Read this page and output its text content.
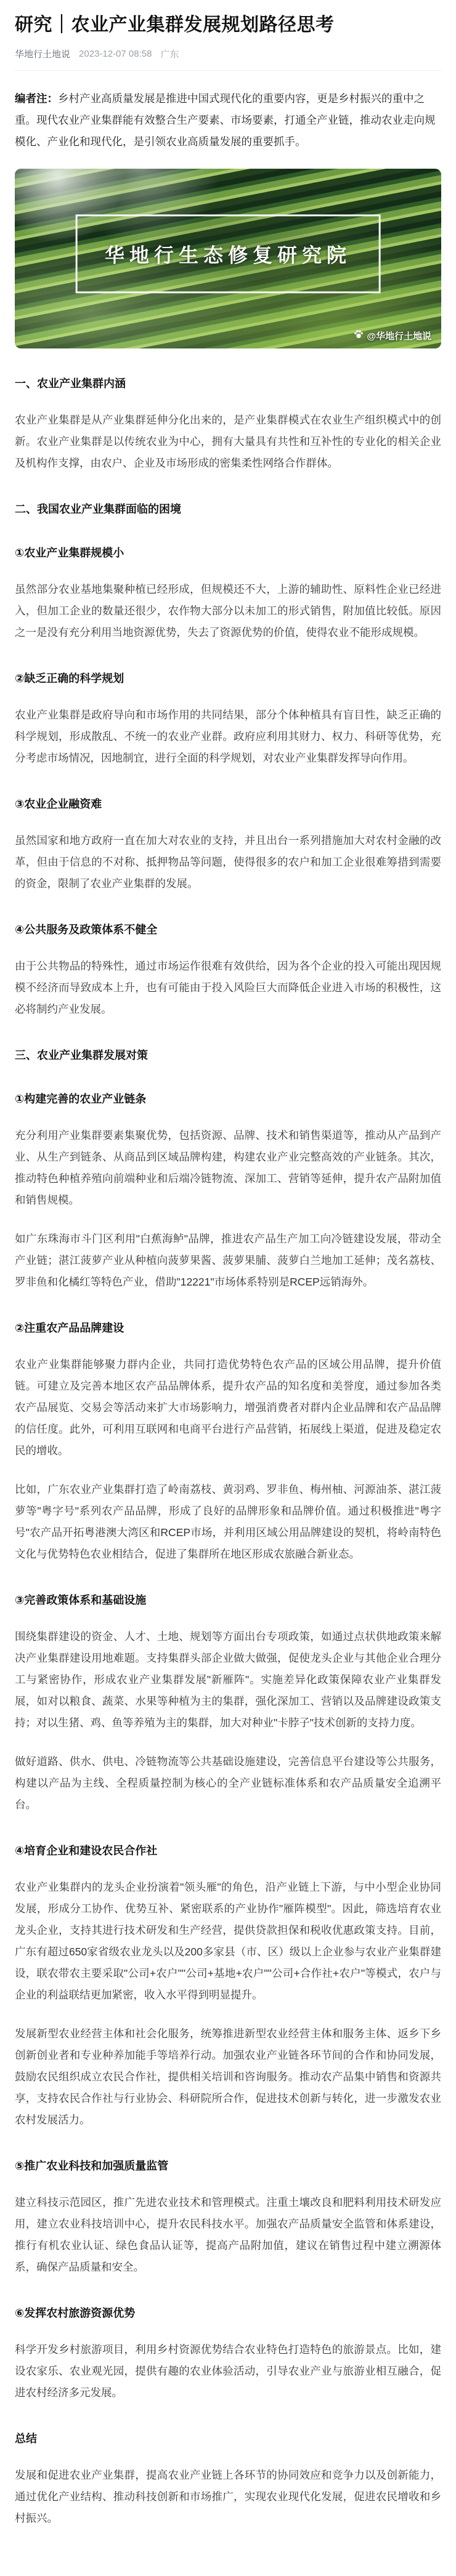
研究｜农业产业集群发展规划路径思考
华地行土地说 2023-12-07 08:58 广东

编者注：乡村产业高质量发展是推进中国式现代化的重要内容，更是乡村振兴的重中之重。现代农业产业集群能有效整合生产要素、市场要素，打通全产业链，推动农业走向规模化、产业化和现代化，是引领农业高质量发展的重要抓手。

华地行生态修复研究院
@华地行土地说
一、农业产业集群内涵

农业产业集群是从产业集群延伸分化出来的，是产业集群模式在农业生产组织模式中的创新。农业产业集群是以传统农业为中心，拥有大量具有共性和互补性的专业化的相关企业及机构作支撑，由农户、企业及市场形成的密集柔性网络合作群体。

二、我国农业产业集群面临的困境
①农业产业集群规模小

虽然部分农业基地集聚种植已经形成，但规模还不大，上游的辅助性、原料性企业已经进入，但加工企业的数量还很少，农作物大部分以未加工的形式销售，附加值比较低。原因之一是没有充分利用当地资源优势，失去了资源优势的价值，使得农业不能形成规模。

②缺乏正确的科学规划

农业产业集群是政府导向和市场作用的共同结果，部分个体种植具有盲目性，缺乏正确的科学规划，形成散乱、不统一的农业产业群。政府应利用其财力、权力、科研等优势，充分考虑市场情况，因地制宜，进行全面的科学规划，对农业产业集群发挥导向作用。

③农业企业融资难

虽然国家和地方政府一直在加大对农业的支持，并且出台一系列措施加大对农村金融的改革，但由于信息的不对称、抵押物品等问题，使得很多的农户和加工企业很难筹措到需要的资金，限制了农业产业集群的发展。

④公共服务及政策体系不健全

由于公共物品的特殊性，通过市场运作很难有效供给，因为各个企业的投入可能出现因规模不经济而导致成本上升，也有可能由于投入风险巨大而降低企业进入市场的积极性，这必将制约产业发展。

三、农业产业集群发展对策
①构建完善的农业产业链条

充分利用产业集群要素集聚优势，包括资源、品牌、技术和销售渠道等，推动从产品到产业、从生产到链条、从商品到区域品牌构建，构建农业产业完整高效的产业链条。其次，推动特色种植养殖向前端种业和后端冷链物流、深加工、营销等延伸，提升农产品附加值和销售规模。

如广东珠海市斗门区利用"白蕉海鲈"品牌，推进农产品生产加工向冷链建设发展，带动全产业链；湛江菠萝产业从种植向菠萝果酱、菠萝果脯、菠萝白兰地加工延伸；茂名荔枝、罗非鱼和化橘红等特色产业，借助"12221"市场体系特别是RCEP远销海外。

②注重农产品品牌建设

农业产业集群能够聚力群内企业，共同打造优势特色农产品的区域公用品牌，提升价值链。可建立及完善本地区农产品品牌体系，提升农产品的知名度和美誉度，通过参加各类农产品展览、交易会等活动来扩大市场影响力，增强消费者对群内企业品牌和农产品品牌的信任度。此外，可利用互联网和电商平台进行产品营销，拓展线上渠道，促进及稳定农民的增收。

比如，广东农业产业集群打造了岭南荔枝、黄羽鸡、罗非鱼、梅州柚、河源油茶、湛江菠萝等"粤字号"系列农产品品牌，形成了良好的品牌形象和品牌价值。通过积极推进"粤字号"农产品开拓粤港澳大湾区和RCEP市场，并利用区域公用品牌建设的契机，将岭南特色文化与优势特色农业相结合，促进了集群所在地区形成农旅融合新业态。

③完善政策体系和基础设施

围绕集群建设的资金、人才、土地、规划等方面出台专项政策，如通过点状供地政策来解决产业集群建设用地难题。支持集群头部企业做大做强，促使龙头企业与其他企业合理分工与紧密协作，形成农业产业集群发展"新雁阵"。实施差异化政策保障农业产业集群发展，如对以粮食、蔬菜、水果等种植为主的集群，强化深加工、营销以及品牌建设政策支持；对以生猪、鸡、鱼等养殖为主的集群，加大对种业"卡脖子"技术创新的支持力度。

做好道路、供水、供电、冷链物流等公共基础设施建设，完善信息平台建设等公共服务，构建以产品为主线、全程质量控制为核心的全产业链标准体系和农产品质量安全追溯平台。

④培育企业和建设农民合作社

农业产业集群内的龙头企业扮演着"领头雁"的角色，沿产业链上下游，与中小型企业协同发展，形成分工协作、优势互补、紧密联系的产业协作"雁阵模型"。因此，筛选培育农业龙头企业，支持其进行技术研发和生产经营，提供贷款担保和税收优惠政策支持。目前，广东有超过650家省级农业龙头以及200多家县（市、区）级以上企业参与农业产业集群建设，联农带农主要采取"公司+农户""公司+基地+农户""公司+合作社+农户"等模式，农户与企业的利益联结更加紧密，收入水平得到明显提升。

发展新型农业经营主体和社会化服务，统筹推进新型农业经营主体和服务主体、返乡下乡创新创业者和专业种养加能手等培养行动。加强农业产业链各环节间的合作和协同发展，鼓励农民组织成立农民合作社，提供相关培训和咨询服务。推动农产品集中销售和资源共享，支持农民合作社与行业协会、科研院所合作，促进技术创新与转化，进一步激发农业农村发展活力。

⑤推广农业科技和加强质量监管

建立科技示范园区，推广先进农业技术和管理模式。注重土壤改良和肥料利用技术研发应用，建立农业科技培训中心，提升农民科技水平。加强农产品质量安全监管和体系建设，推行有机农业认证、绿色食品认证等，提高产品附加值，建议在销售过程中建立溯源体系，确保产品质量和安全。

⑥发挥农村旅游资源优势

科学开发乡村旅游项目，利用乡村资源优势结合农业特色打造特色的旅游景点。比如，建设农家乐、农业观光园，提供有趣的农业体验活动，引导农业产业与旅游业相互融合，促进农村经济多元发展。

总结

发展和促进农业产业集群，提高农业产业链上各环节的协同效应和竞争力以及创新能力，通过优化产业结构、推动科技创新和市场推广，实现农业现代化发展，促进农民增收和乡村振兴。
